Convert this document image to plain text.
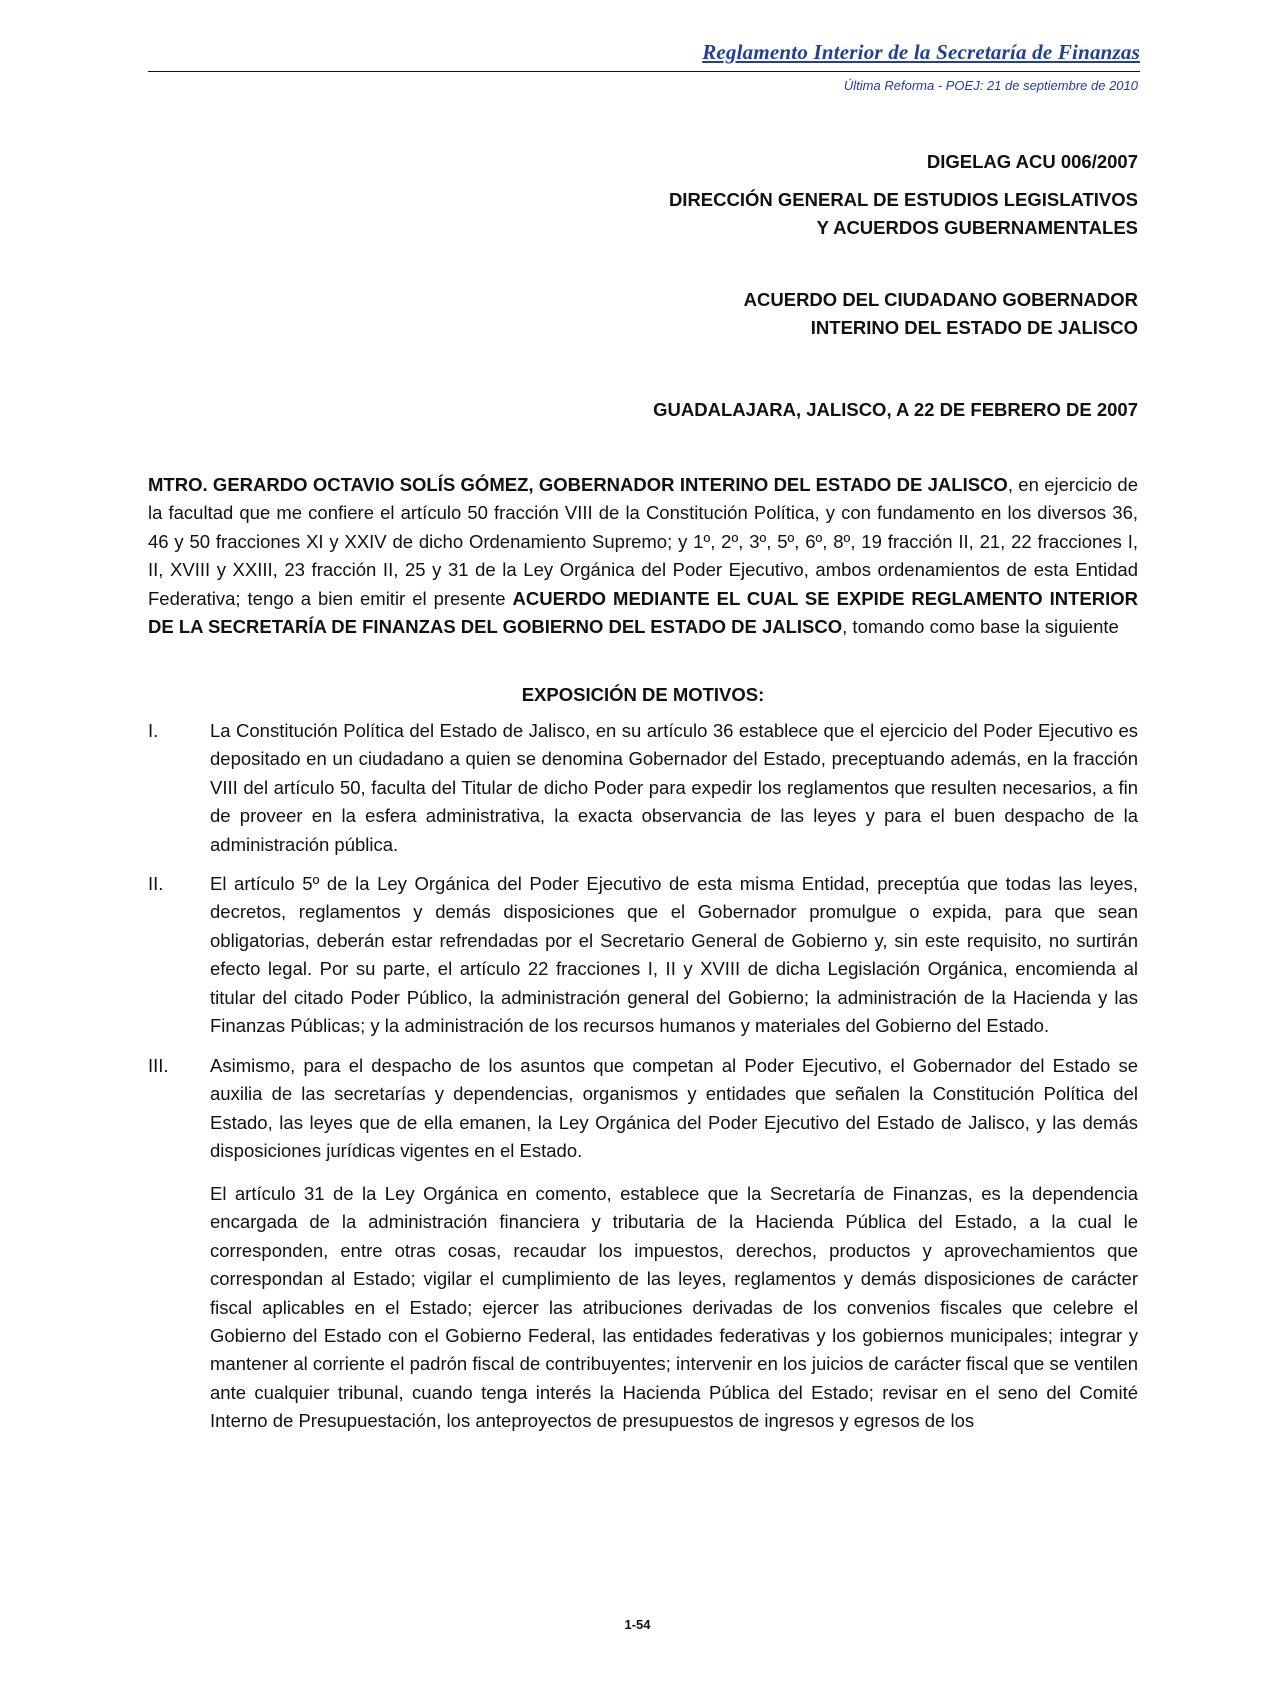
Reglamento Interior de la Secretaría de Finanzas
Última Reforma - POEJ: 21 de septiembre de 2010
DIGELAG ACU 006/2007
DIRECCIÓN GENERAL DE ESTUDIOS LEGISLATIVOS
Y ACUERDOS GUBERNAMENTALES
ACUERDO DEL CIUDADANO GOBERNADOR
INTERINO DEL ESTADO DE JALISCO
GUADALAJARA, JALISCO, A 22 DE FEBRERO DE 2007
MTRO. GERARDO OCTAVIO SOLÍS GÓMEZ, GOBERNADOR INTERINO DEL ESTADO DE JALISCO, en ejercicio de la facultad que me confiere el artículo 50 fracción VIII de la Constitución Política, y con fundamento en los diversos 36, 46 y 50 fracciones XI y XXIV de dicho Ordenamiento Supremo; y 1º, 2º, 3º, 5º, 6º, 8º, 19 fracción II, 21, 22 fracciones I, II, XVIII y XXIII, 23 fracción II, 25 y 31 de la Ley Orgánica del Poder Ejecutivo, ambos ordenamientos de esta Entidad Federativa; tengo a bien emitir el presente ACUERDO MEDIANTE EL CUAL SE EXPIDE REGLAMENTO INTERIOR DE LA SECRETARÍA DE FINANZAS DEL GOBIERNO DEL ESTADO DE JALISCO, tomando como base la siguiente
EXPOSICIÓN DE MOTIVOS:
I.	La Constitución Política del Estado de Jalisco, en su artículo 36 establece que el ejercicio del Poder Ejecutivo es depositado en un ciudadano a quien se denomina Gobernador del Estado, preceptuando además, en la fracción VIII del artículo 50, faculta del Titular de dicho Poder para expedir los reglamentos que resulten necesarios, a fin de proveer en la esfera administrativa, la exacta observancia de las leyes y para el buen despacho de la administración pública.
II.	El artículo 5º de la Ley Orgánica del Poder Ejecutivo de esta misma Entidad, preceptúa que todas las leyes, decretos, reglamentos y demás disposiciones que el Gobernador promulgue o expida, para que sean obligatorias, deberán estar refrendadas por el Secretario General de Gobierno y, sin este requisito, no surtirán efecto legal. Por su parte, el artículo 22 fracciones I, II y XVIII de dicha Legislación Orgánica, encomienda al titular del citado Poder Público, la administración general del Gobierno; la administración de la Hacienda y las Finanzas Públicas; y la administración de los recursos humanos y materiales del Gobierno del Estado.
III. Asimismo, para el despacho de los asuntos que competan al Poder Ejecutivo, el Gobernador del Estado se auxilia de las secretarías y dependencias, organismos y entidades que señalen la Constitución Política del Estado, las leyes que de ella emanen, la Ley Orgánica del Poder Ejecutivo del Estado de Jalisco, y las demás disposiciones jurídicas vigentes en el Estado.
El artículo 31 de la Ley Orgánica en comento, establece que la Secretaría de Finanzas, es la dependencia encargada de la administración financiera y tributaria de la Hacienda Pública del Estado, a la cual le corresponden, entre otras cosas, recaudar los impuestos, derechos, productos y aprovechamientos que correspondan al Estado; vigilar el cumplimiento de las leyes, reglamentos y demás disposiciones de carácter fiscal aplicables en el Estado; ejercer las atribuciones derivadas de los convenios fiscales que celebre el Gobierno del Estado con el Gobierno Federal, las entidades federativas y los gobiernos municipales; integrar y mantener al corriente el padrón fiscal de contribuyentes; intervenir en los juicios de carácter fiscal que se ventilen ante cualquier tribunal, cuando tenga interés la Hacienda Pública del Estado; revisar en el seno del Comité Interno de Presupuestación, los anteproyectos de presupuestos de ingresos y egresos de los
1-54
